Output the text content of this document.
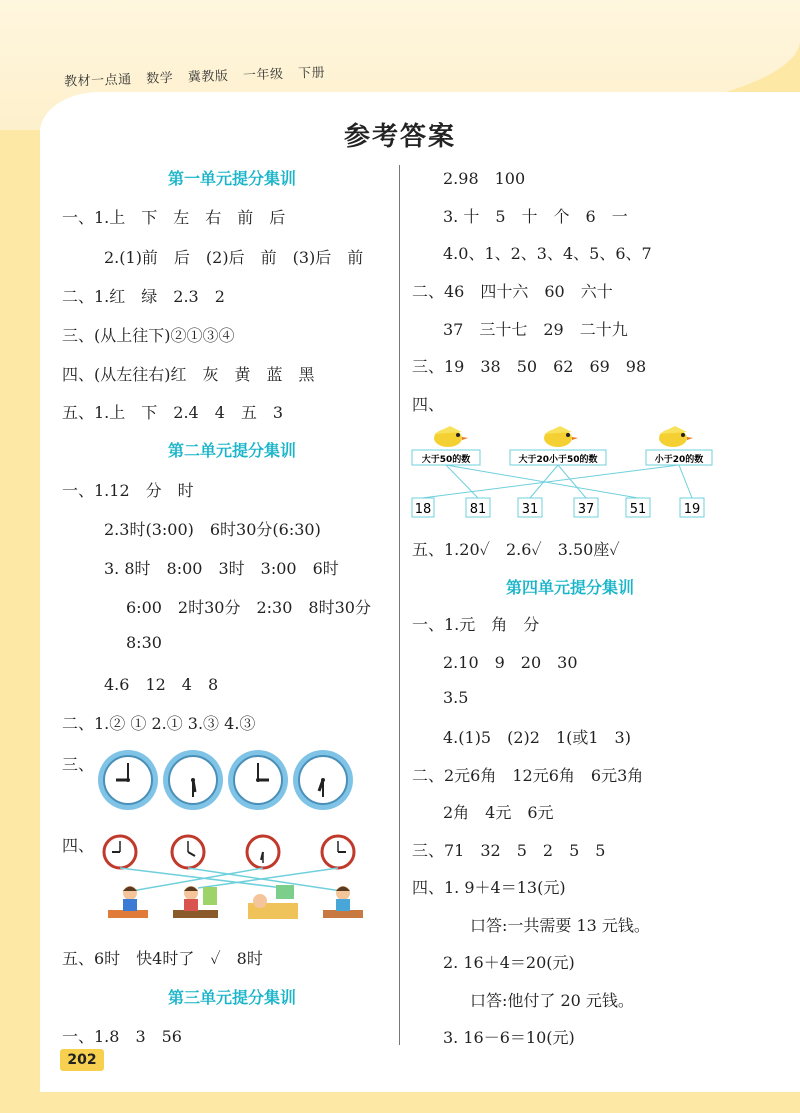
教材一点通 数学 冀教版 一年级 下册
参考答案
第一单元提分集训
一、1.上　下　左　右　前　后
2.(1)前　后　(2)后　前　(3)后　前
二、1.红　绿　2.3　2
三、(从上往下)②①③④
四、(从左往右)红　灰　黄　蓝　黑
五、1.上　下　2.4　4　五　3
第二单元提分集训
一、1.12　分　时
2.3时(3:00)　6时30分(6:30)
3. 8时　8:00　3时　3:00　6时
6:00　2时30分　2:30　8时30分
8:30
4.6　12　4　8
二、1.② ① 2.① 3.③ 4.③
三、
四、
五、6时　快4时了　✓　8时
第三单元提分集训
一、1.8　3　56
2.98　100
3. 十　5　十　个　6　一
4.0、1、2、3、4、5、6、7
二、46　四十六　60　六十
37　三十七　29　二十九
三、19　38　50　62　69　98
四、
大于50的数	大于20小于50的数	小于20的数
18	81	31	37	51	19
五、1.20✓　2.6✓　3.50座✓
第四单元提分集训
一、1.元　角　分
2.10　9　20　30
3.5
4.(1)5　(2)2　1(或1　3)
二、2元6角　12元6角　6元3角
2角　4元　6元
三、71　32　5　2　5　5
四、1. 9＋4＝13(元)
口答:一共需要 13 元钱。
2. 16＋4＝20(元)
口答:他付了 20 元钱。
3. 16－6＝10(元)
202
